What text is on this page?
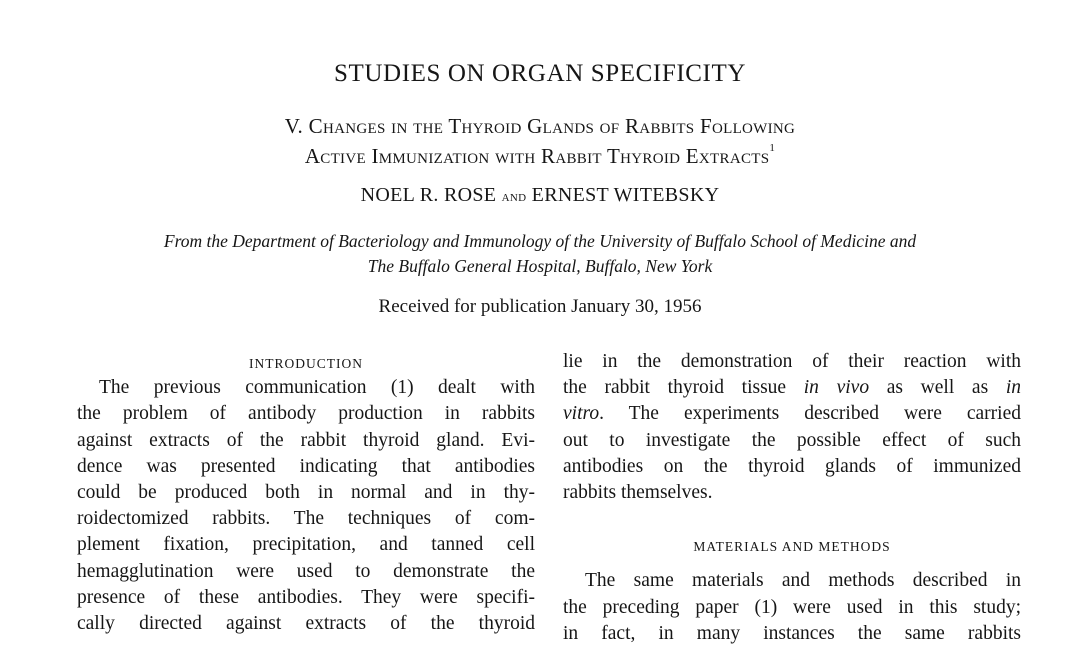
STUDIES ON ORGAN SPECIFICITY
V. Changes in the Thyroid Glands of Rabbits Following
Active Immunization with Rabbit Thyroid Extracts$^1$
NOEL R. ROSE and ERNEST WITEBSKY
From the Department of Bacteriology and Immunology of the University of Buffalo School of Medicine and
The Buffalo General Hospital, Buffalo, New York
Received for publication January 30, 1956
INTRODUCTION
The previous communication (1) dealt with
the problem of antibody production in rabbits
against extracts of the rabbit thyroid gland. Evi-
dence was presented indicating that antibodies
could be produced both in normal and in thy-
roidectomized rabbits. The techniques of com-
plement fixation, precipitation, and tanned cell
hemagglutination were used to demonstrate the
presence of these antibodies. They were specifi-
cally directed against extracts of the thyroid
lie in the demonstration of their reaction with
the rabbit thyroid tissue in vivo as well as in
vitro. The experiments described were carried
out to investigate the possible effect of such
antibodies on the thyroid glands of immunized
rabbits themselves.
MATERIALS AND METHODS
The same materials and methods described in
the preceding paper (1) were used in this study;
in fact, in many instances the same rabbits
